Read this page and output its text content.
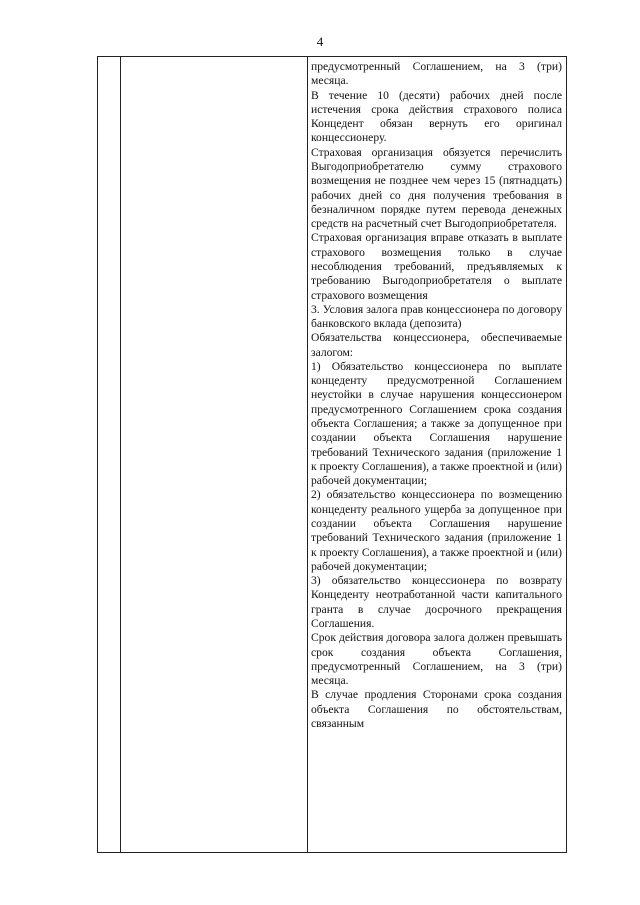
4

предусмотренный Соглашением, на 3 (три) месяца.

В течение 10 (десяти) рабочих дней после истечения срока действия страхового полиса Концедент обязан вернуть его оригинал концессионеру.

Страховая организация обязуется перечислить Выгодоприобретателю сумму страхового возмещения не позднее чем через 15 (пятнадцать) рабочих дней со дня получения требования в безналичном порядке путем перевода денежных средств на расчетный счет Выгодоприобретателя.

Страховая организация вправе отказать в выплате страхового возмещения только в случае несоблюдения требований, предъявляемых к требованию Выгодоприобретателя о выплате страхового возмещения

3. Условия залога прав концессионера по договору банковского вклада (депозита)

Обязательства концессионера, обеспечиваемые залогом:

1) Обязательство концессионера по выплате концеденту предусмотренной Соглашением неустойки в случае нарушения концессионером предусмотренного Соглашением срока создания объекта Соглашения; а также за допущенное при создании объекта Соглашения нарушение требований Технического задания (приложение 1 к проекту Соглашения), а также проектной и (или) рабочей документации;

2) обязательство концессионера по возмещению концеденту реального ущерба за допущенное при создании объекта Соглашения нарушение требований Технического задания (приложение 1 к проекту Соглашения), а также проектной и (или) рабочей документации;

3) обязательство концессионера по возврату Концеденту неотработанной части капитального гранта в случае досрочного прекращения Соглашения.

Срок действия договора залога должен превышать срок создания объекта Соглашения, предусмотренный Соглашением, на 3 (три) месяца.

В случае продления Сторонами срока создания объекта Соглашения по обстоятельствам, связанным
